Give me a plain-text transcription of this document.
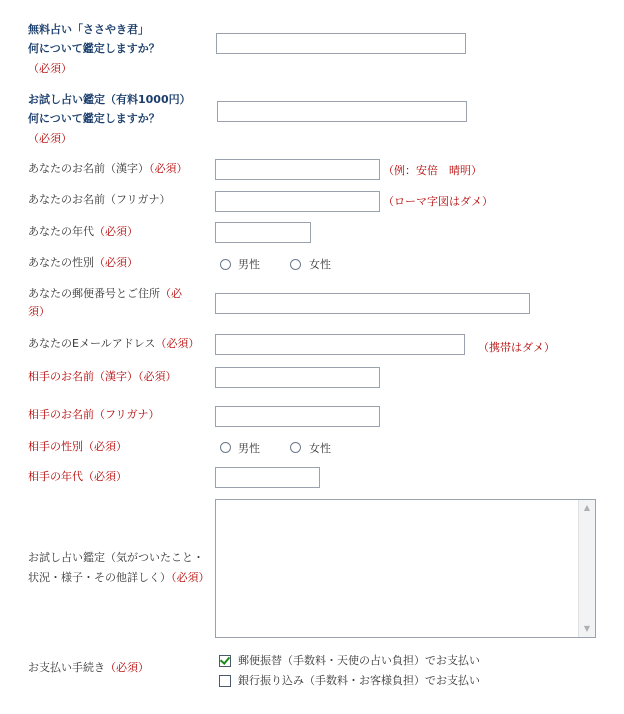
無料占い「ささやき君」
何について鑑定しますか？
（必須）
お試し占い鑑定（有料1000円）
何について鑑定しますか？
（必須）
あなたのお名前（漢字）（必須）	（例：安倍　晴明）
あなたのお名前（フリガナ）	（ローマ字図はダメ）
あなたの年代（必須）
あなたの性別（必須）	男性	女性
あなたの郵便番号とご住所（必
須）
あなたのEメールアドレス（必須）	（携帯はダメ）
相手のお名前（漢字）（必須）
相手のお名前（フリガナ）
相手の性別（必須）	男性	女性
相手の年代（必須）
お試し占い鑑定（気がついたこと・
状況・様子・その他詳しく）（必須）
▲
▼
お支払い手続き（必須）
郵便振替（手数料・天使の占い負担）でお支払い
銀行振り込み（手数料・お客様負担）でお支払い
